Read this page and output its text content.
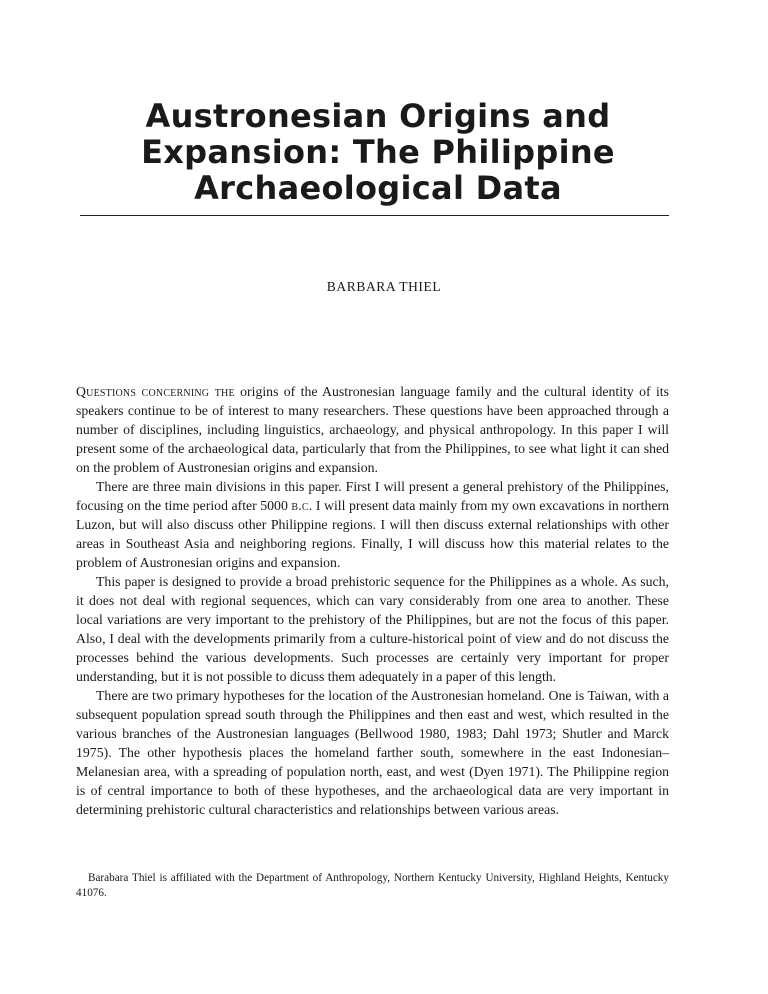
Austronesian Origins and
Expansion: The Philippine
Archaeological Data
BARBARA THIEL

Questions concerning the origins of the Austronesian language family and the cultural identity of its speakers continue to be of interest to many researchers. These questions have been approached through a number of disciplines, including linguistics, archaeology, and physical anthropology. In this paper I will present some of the archaeological data, particularly that from the Philippines, to see what light it can shed on the problem of Austronesian origins and expansion.

There are three main divisions in this paper. First I will present a general prehistory of the Philippines, focusing on the time period after 5000 b.c. I will present data mainly from my own excavations in northern Luzon, but will also discuss other Philippine regions. I will then discuss external relationships with other areas in Southeast Asia and neighboring regions. Finally, I will discuss how this material relates to the problem of Austronesian origins and expansion.

This paper is designed to provide a broad prehistoric sequence for the Philippines as a whole. As such, it does not deal with regional sequences, which can vary considerably from one area to another. These local variations are very important to the prehistory of the Philippines, but are not the focus of this paper. Also, I deal with the developments primarily from a culture-historical point of view and do not discuss the processes behind the various developments. Such processes are certainly very important for proper understanding, but it is not possible to dicuss them adequately in a paper of this length.

There are two primary hypotheses for the location of the Austronesian homeland. One is Taiwan, with a subsequent population spread south through the Philippines and then east and west, which resulted in the various branches of the Austronesian languages (Bellwood 1980, 1983; Dahl 1973; Shutler and Marck 1975). The other hypothesis places the homeland farther south, somewhere in the east Indonesian–Melanesian area, with a spreading of population north, east, and west (Dyen 1971). The Philippine region is of central importance to both of these hypotheses, and the archaeological data are very important in determining prehistoric cultural characteristics and relationships between various areas.

Barabara Thiel is affiliated with the Department of Anthropology, Northern Kentucky University, Highland Heights, Kentucky 41076.
